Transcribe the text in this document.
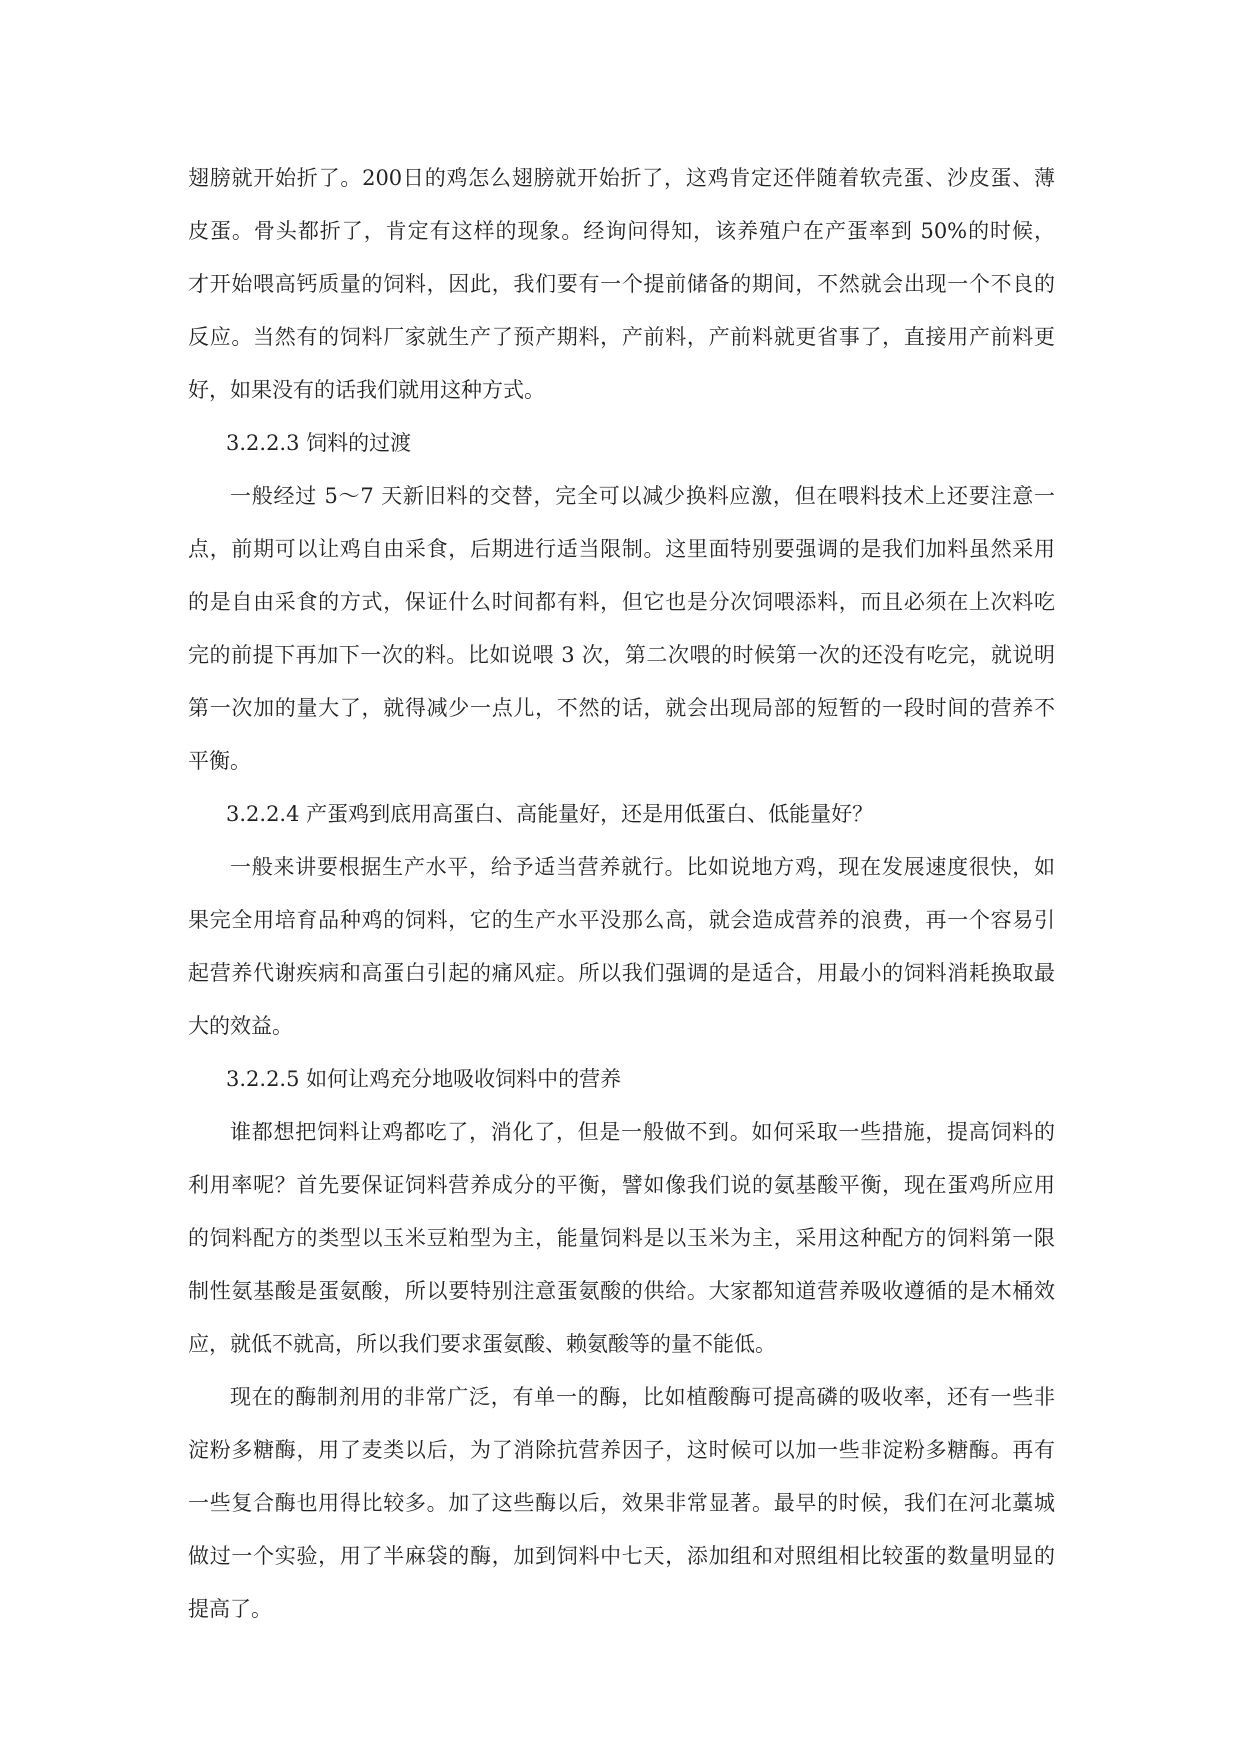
翅膀就开始折了。200日的鸡怎么翅膀就开始折了，这鸡肯定还伴随着软壳蛋、沙皮蛋、薄
皮蛋。骨头都折了，肯定有这样的现象。经询问得知，该养殖户在产蛋率到 50%的时候，
才开始喂高钙质量的饲料，因此，我们要有一个提前储备的期间，不然就会出现一个不良的
反应。当然有的饲料厂家就生产了预产期料，产前料，产前料就更省事了，直接用产前料更
好，如果没有的话我们就用这种方式。
3.2.2.3 饲料的过渡
一般经过 5～7 天新旧料的交替，完全可以减少换料应激，但在喂料技术上还要注意一
点，前期可以让鸡自由采食，后期进行适当限制。这里面特别要强调的是我们加料虽然采用
的是自由采食的方式，保证什么时间都有料，但它也是分次饲喂添料，而且必须在上次料吃
完的前提下再加下一次的料。比如说喂 3 次，第二次喂的时候第一次的还没有吃完，就说明
第一次加的量大了，就得减少一点儿，不然的话，就会出现局部的短暂的一段时间的营养不
平衡。
3.2.2.4 产蛋鸡到底用高蛋白、高能量好，还是用低蛋白、低能量好？
一般来讲要根据生产水平，给予适当营养就行。比如说地方鸡，现在发展速度很快，如
果完全用培育品种鸡的饲料，它的生产水平没那么高，就会造成营养的浪费，再一个容易引
起营养代谢疾病和高蛋白引起的痛风症。所以我们强调的是适合，用最小的饲料消耗换取最
大的效益。
3.2.2.5 如何让鸡充分地吸收饲料中的营养
谁都想把饲料让鸡都吃了，消化了，但是一般做不到。如何采取一些措施，提高饲料的
利用率呢？首先要保证饲料营养成分的平衡，譬如像我们说的氨基酸平衡，现在蛋鸡所应用
的饲料配方的类型以玉米豆粕型为主，能量饲料是以玉米为主，采用这种配方的饲料第一限
制性氨基酸是蛋氨酸，所以要特别注意蛋氨酸的供给。大家都知道营养吸收遵循的是木桶效
应，就低不就高，所以我们要求蛋氨酸、赖氨酸等的量不能低。
现在的酶制剂用的非常广泛，有单一的酶，比如植酸酶可提高磷的吸收率，还有一些非
淀粉多糖酶，用了麦类以后，为了消除抗营养因子，这时候可以加一些非淀粉多糖酶。再有
一些复合酶也用得比较多。加了这些酶以后，效果非常显著。最早的时候，我们在河北藁城
做过一个实验，用了半麻袋的酶，加到饲料中七天，添加组和对照组相比较蛋的数量明显的
提高了。
